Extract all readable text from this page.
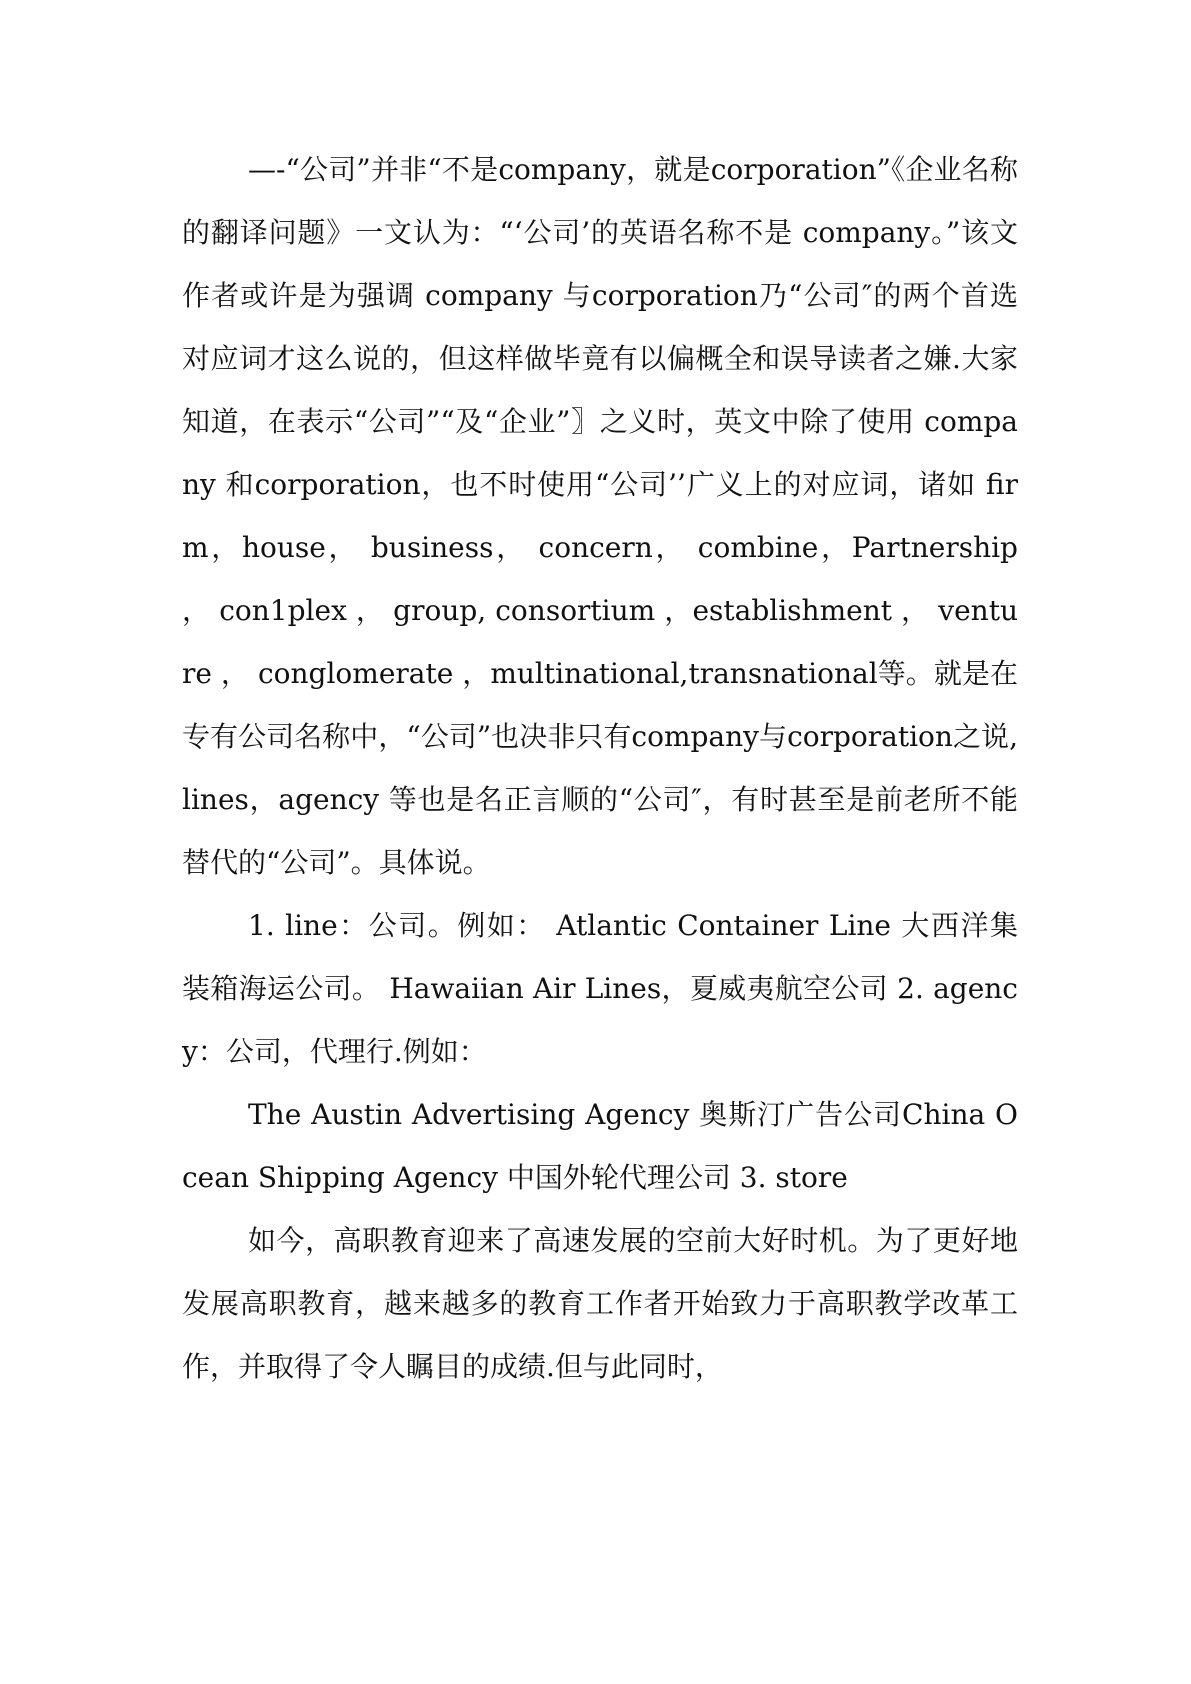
—-“公司”并非“不是company，就是corporation”《企业名称的翻译问题》一文认为：“‘公司’的英语名称不是 company。”该文作者或许是为强调 company 与corporation乃“公司″的两个首选对应词才这么说的，但这样做毕竟有以偏概全和误导读者之嫌.大家知道，在表示“公司”“及“企业”〗之义时，英文中除了使用 company 和corporation，也不时使用“公司’’广义上的对应词，诸如 firm，house， business， concern， combine，Partnership ， con1plex ， group, consortium ，establishment ， venture ， conglomerate ，multinational,transnational等。就是在专有公司名称中，“公司”也决非只有company与corporation之说,lines，agency 等也是名正言顺的“公司″，有时甚至是前老所不能替代的“公司”。具体说。

1. line：公司。例如： Atlantic Container Line 大西洋集装箱海运公司。 Hawaiian Air Lines，夏威夷航空公司 2. agency：公司，代理行.例如：

The Austin Advertising Agency 奥斯汀广告公司China Ocean Shipping Agency 中国外轮代理公司 3. store

如今，高职教育迎来了高速发展的空前大好时机。为了更好地发展高职教育，越来越多的教育工作者开始致力于高职教学改革工作，并取得了令人瞩目的成绩.但与此同时，
